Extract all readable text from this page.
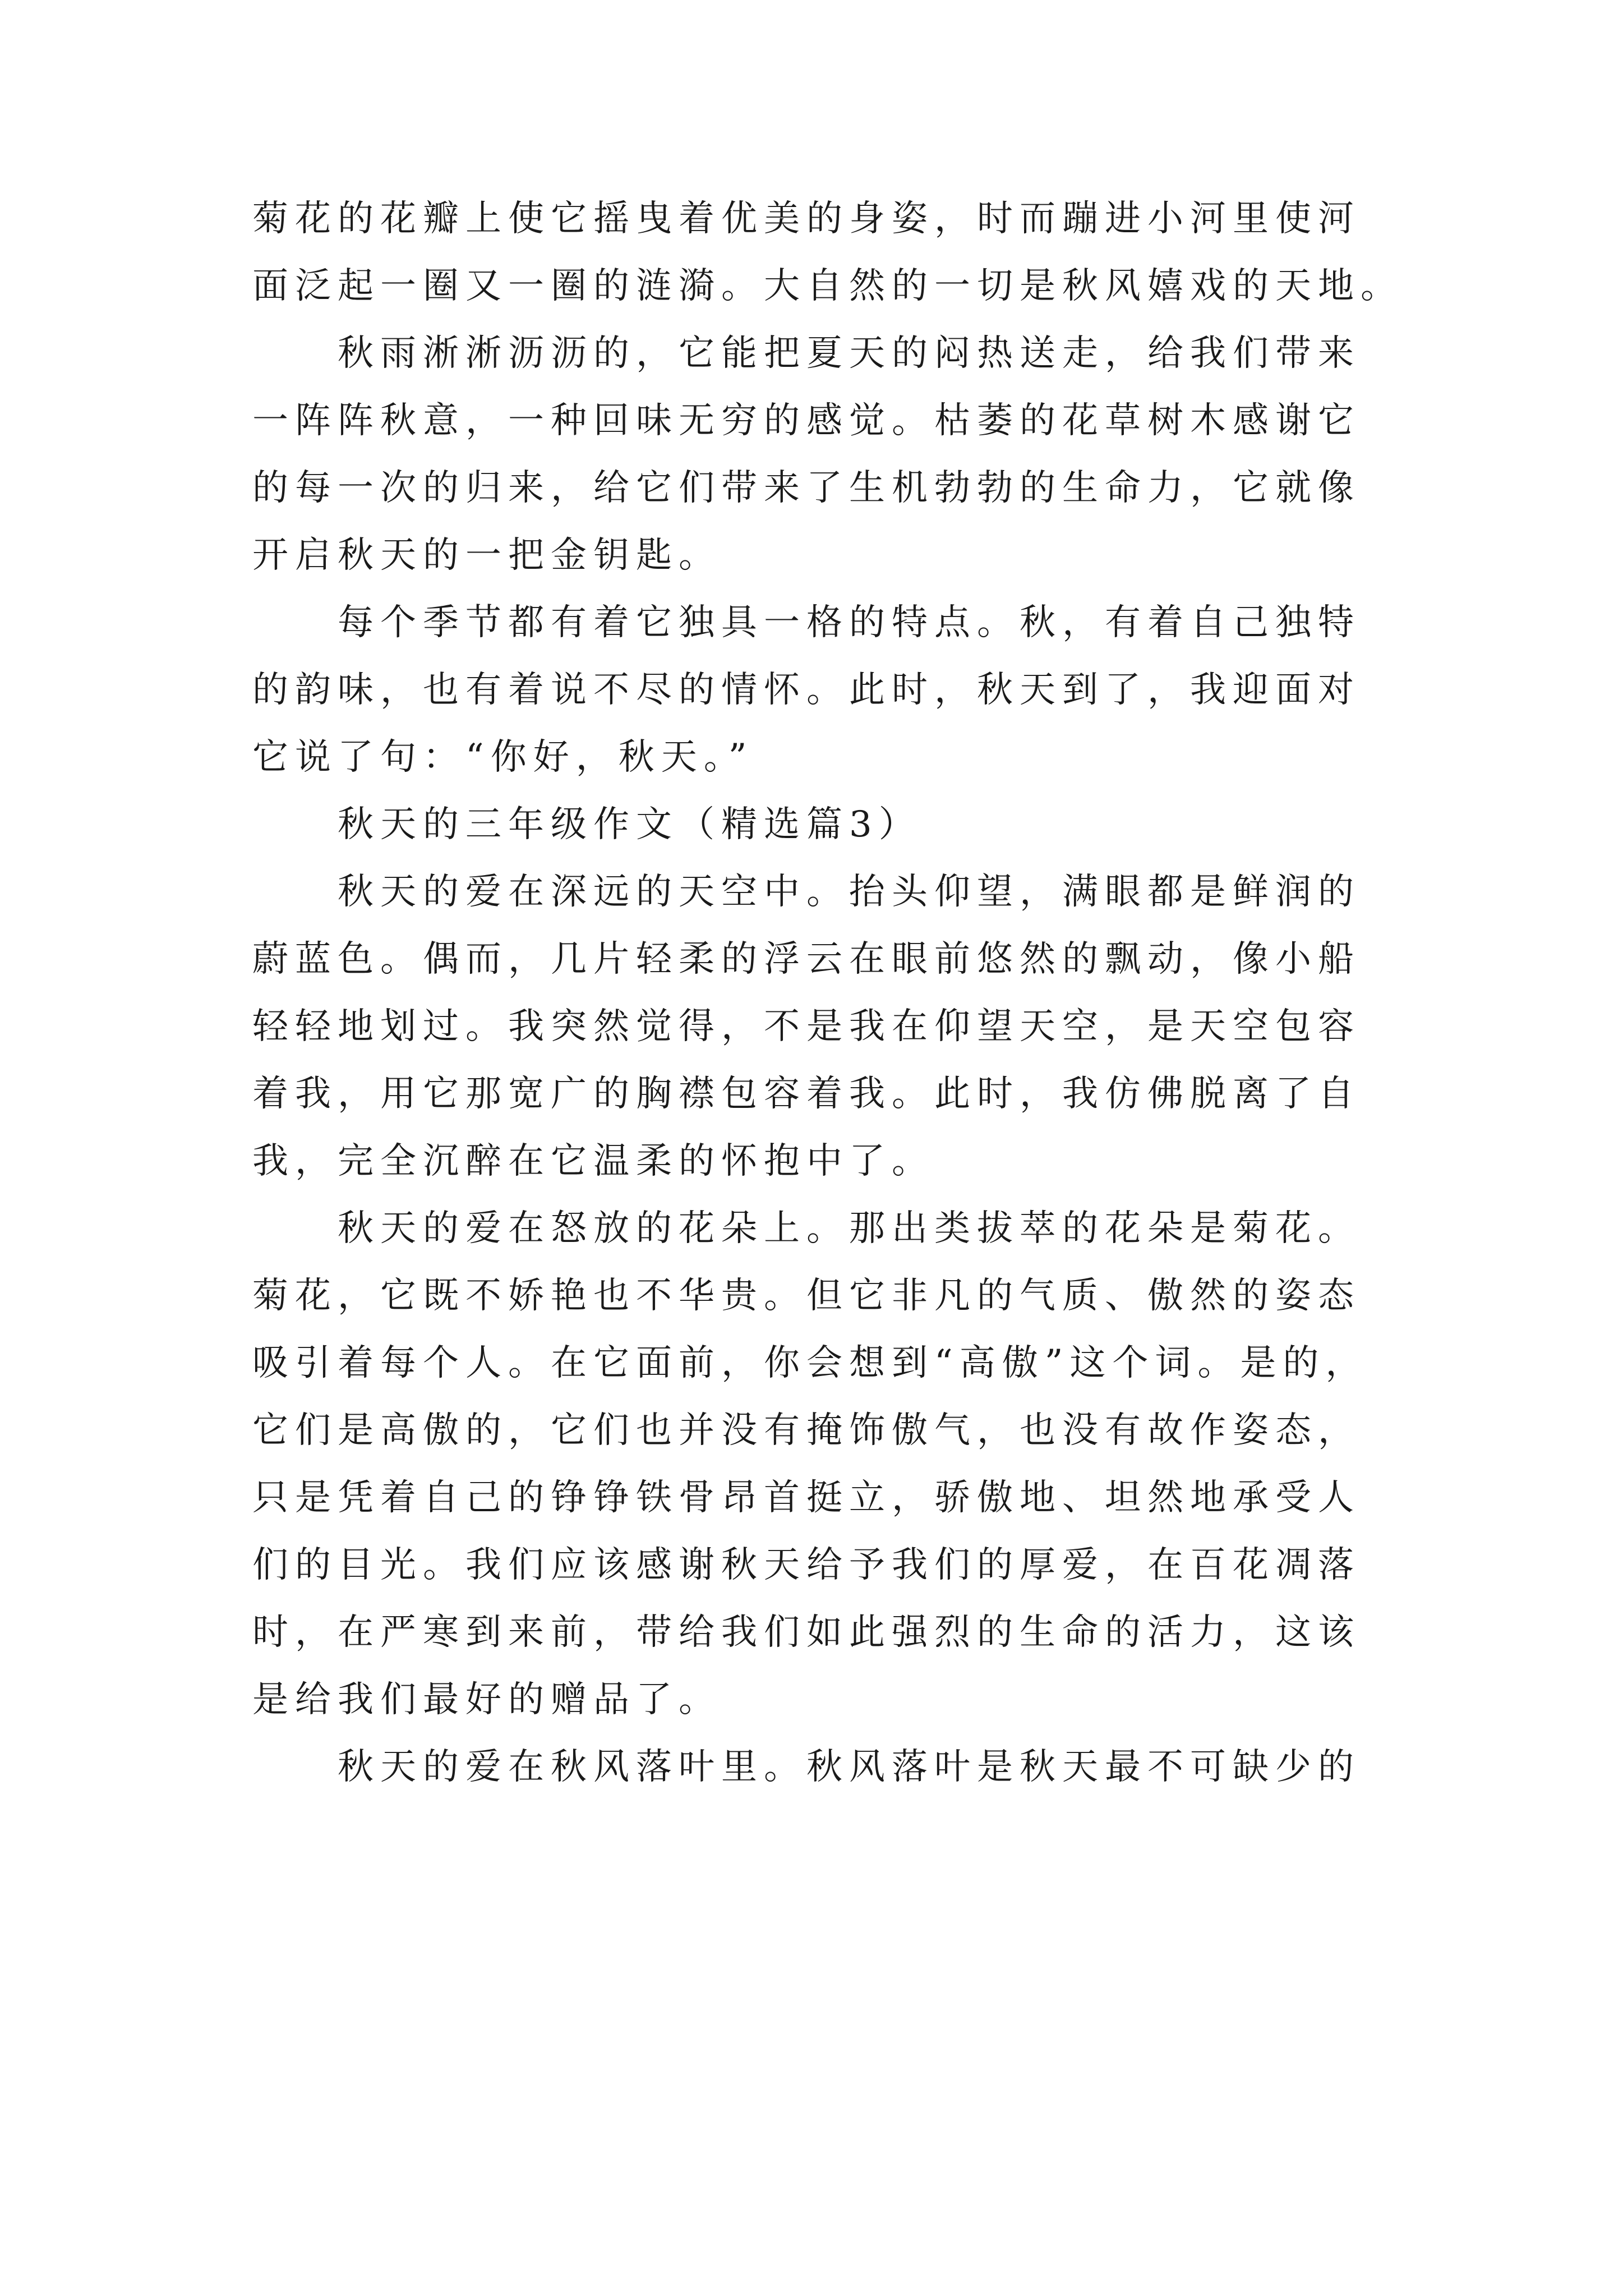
菊花的花瓣上使它摇曳着优美的身姿，时而蹦进小河里使河
面泛起一圈又一圈的涟漪。大自然的一切是秋风嬉戏的天地。
秋雨淅淅沥沥的，它能把夏天的闷热送走，给我们带来
一阵阵秋意，一种回味无穷的感觉。枯萎的花草树木感谢它
的每一次的归来，给它们带来了生机勃勃的生命力，它就像
开启秋天的一把金钥匙。
每个季节都有着它独具一格的特点。秋，有着自己独特
的韵味，也有着说不尽的情怀。此时，秋天到了，我迎面对
它说了句：“你好，秋天。”
秋天的三年级作文（精选篇3）
秋天的爱在深远的天空中。抬头仰望，满眼都是鲜润的
蔚蓝色。偶而，几片轻柔的浮云在眼前悠然的飘动，像小船
轻轻地划过。我突然觉得，不是我在仰望天空，是天空包容
着我，用它那宽广的胸襟包容着我。此时，我仿佛脱离了自
我，完全沉醉在它温柔的怀抱中了。
秋天的爱在怒放的花朵上。那出类拔萃的花朵是菊花。
菊花，它既不娇艳也不华贵。但它非凡的气质、傲然的姿态
吸引着每个人。在它面前，你会想到“高傲”这个词。是的，
它们是高傲的，它们也并没有掩饰傲气，也没有故作姿态，
只是凭着自己的铮铮铁骨昂首挺立，骄傲地、坦然地承受人
们的目光。我们应该感谢秋天给予我们的厚爱，在百花凋落
时，在严寒到来前，带给我们如此强烈的生命的活力，这该
是给我们最好的赠品了。
秋天的爱在秋风落叶里。秋风落叶是秋天最不可缺少的
